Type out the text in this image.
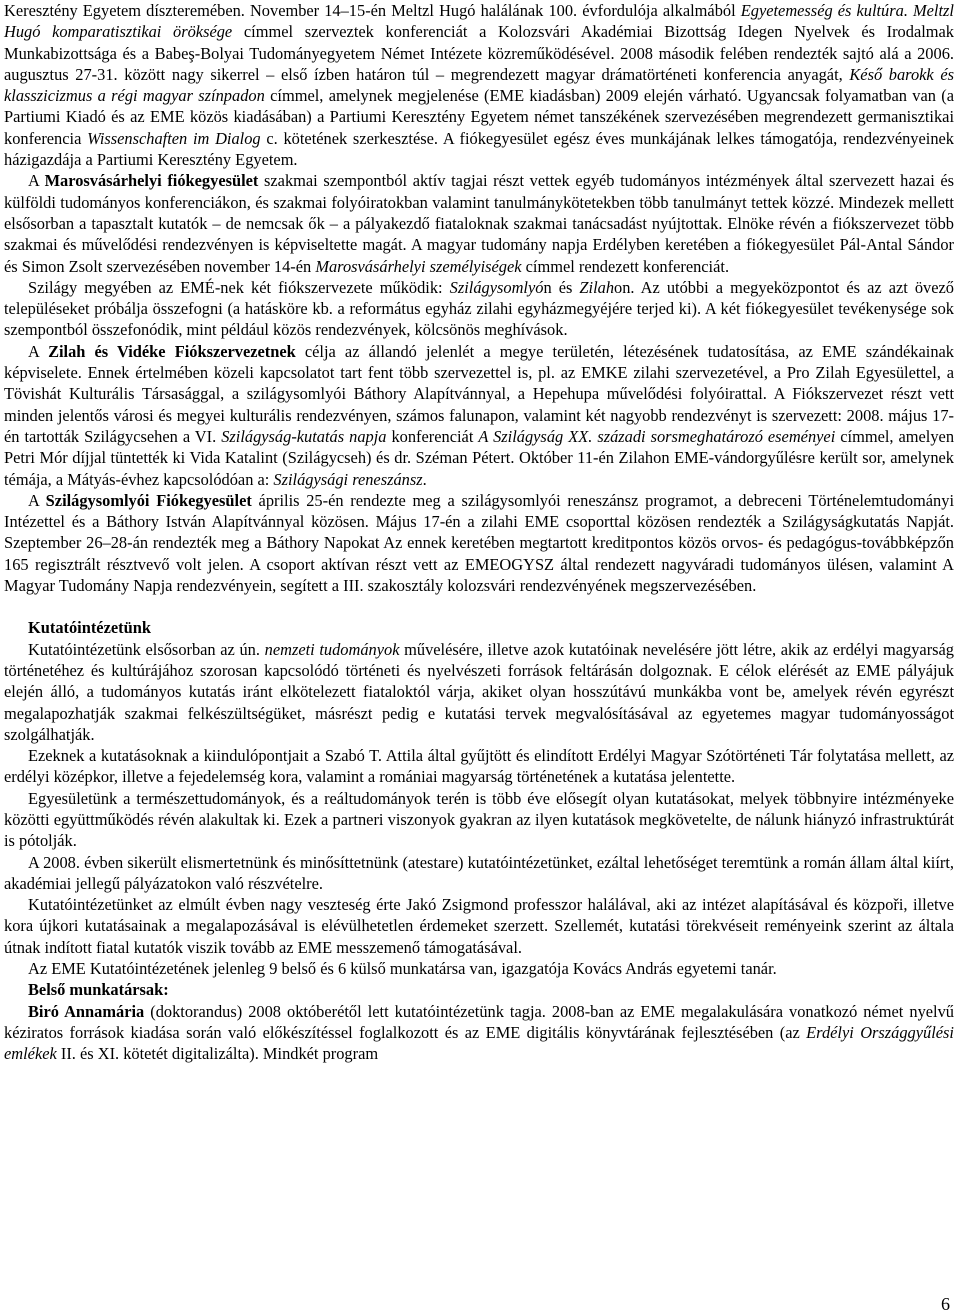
Keresztény Egyetem díszteremében. November 14–15-én Meltzl Hugó halálának 100. évfordulója alkalmából Egyetemesség és kultúra. Meltzl Hugó komparatisztikai öröksége címmel szerveztek konferenciát a Kolozsvári Akadémiai Bizottság Idegen Nyelvek és Irodalmak Munkabizottsága és a Babeş-Bolyai Tudományegyetem Német Intézete közreműködésével. 2008 második felében rendezték sajtó alá a 2006. augusztus 27-31. között nagy sikerrel – első ízben határon túl – megrendezett magyar drámatörténeti konferencia anyagát, Késő barokk és klasszicizmus a régi magyar színpadon címmel, amelynek megjelenése (EME kiadásban) 2009 elején várható. Ugyancsak folyamatban van (a Partiumi Kiadó és az EME közös kiadásában) a Partiumi Keresztény Egyetem német tanszékének szervezésében megrendezett germanisztikai konferencia Wissenschaften im Dialog c. kötetének szerkesztése. A fiókegyesület egész éves munkájának lelkes támogatója, rendezvényeinek házigazdája a Partiumi Keresztény Egyetem.

A Marosvásárhelyi fiókegyesület szakmai szempontból aktív tagjai részt vettek egyéb tudományos intézmények által szervezett hazai és külföldi tudományos konferenciákon, és szakmai folyóiratokban valamint tanulmánykötetekben több tanulmányt tettek közzé. Mindezek mellett elsősorban a tapasztalt kutatók – de nemcsak ők – a pályakezdő fiataloknak szakmai tanácsadást nyújtottak. Elnöke révén a fiókszervezet több szakmai és művelődési rendezvényen is képviseltette magát. A magyar tudomány napja Erdélyben keretében a fiókegyesület Pál-Antal Sándor és Simon Zsolt szervezésében november 14-én Marosvásárhelyi személyiségek címmel rendezett konferenciát.

Szilágy megyében az EMÉ-nek két fiókszervezete működik: Szilágysomlyón és Zilahon. Az utóbbi a megyeközpontot és az azt övező településeket próbálja összefogni (a hatásköre kb. a református egyház zilahi egyházmegyéjére terjed ki). A két fiókegyesület tevékenysége sok szempontból összefonódik, mint például közös rendezvények, kölcsönös meghívások.

A Zilah és Vidéke Fiókszervezetnek célja az állandó jelenlét a megye területén, létezésének tudatosítása, az EME szándékainak képviselete. Ennek értelmében közeli kapcsolatot tart fent több szervezettel is, pl. az EMKE zilahi szervezetével, a Pro Zilah Egyesülettel, a Tövishát Kulturális Társasággal, a szilágysomlyói Báthory Alapítvánnyal, a Hepehupa művelődési folyóirattal. A Fiókszervezet részt vett minden jelentős városi és megyei kulturális rendezvényen, számos falunapon, valamint két nagyobb rendezvényt is szervezett: 2008. május 17-én tartották Szilágycsehen a VI. Szilágyság-kutatás napja konferenciát A Szilágyság XX. századi sorsmeghatározó eseményei címmel, amelyen Petri Mór díjjal tüntették ki Vida Katalint (Szilágycseh) és dr. Széman Pétert. Október 11-én Zilahon EME-vándorgyűlésre került sor, amelynek témája, a Mátyás-évhez kapcsolódóan a: Szilágysági reneszánsz.

A Szilágysomlyói Fiókegyesület április 25-én rendezte meg a szilágysomlyói reneszánsz programot, a debreceni Történelemtudományi Intézettel és a Báthory István Alapítvánnyal közösen. Május 17-én a zilahi EME csoporttal közösen rendezték a Szilágyságkutatás Napját. Szeptember 26–28-án rendezték meg a Báthory Napokat Az ennek keretében megtartott kreditpontos közös orvos- és pedagógus-továbbképzőn 165 regisztrált résztvevő volt jelen. A csoport aktívan részt vett az EMEOGYSZ által rendezett nagyváradi tudományos ülésen, valamint A Magyar Tudomány Napja rendezvényein, segített a III. szakosztály kolozsvári rendezvényének megszervezésében.

Kutatóintézetünk

Kutatóintézetünk elsősorban az ún. nemzeti tudományok művelésére, illetve azok kutatóinak nevelésére jött létre, akik az erdélyi magyarság történetéhez és kultúrájához szorosan kapcsolódó történeti és nyelvészeti források feltárásán dolgoznak. E célok elérését az EME pályájuk elején álló, a tudományos kutatás iránt elkötelezett fiataloktól várja, akiket olyan hosszútávú munkákba vont be, amelyek révén egyrészt megalapozhatják szakmai felkészültségüket, másrészt pedig e kutatási tervek megvalósításával az egyetemes magyar tudományosságot szolgálhatják.

Ezeknek a kutatásoknak a kiindulópontjait a Szabó T. Attila által gyűjtött és elindított Erdélyi Magyar Szótörténeti Tár folytatása mellett, az erdélyi középkor, illetve a fejedelemség kora, valamint a romániai magyarság történetének a kutatása jelentette.

Egyesületünk a természettudományok, és a reáltudományok terén is több éve elősegít olyan kutatásokat, melyek többnyire intézményeke közötti együttműködés révén alakultak ki. Ezek a partneri viszonyok gyakran az ilyen kutatások megkövetelte, de nálunk hiányzó infrastruktúrát is pótolják.

A 2008. évben sikerült elismertetnünk és minősíttetnünk (atestare) kutatóintézetünket, ezáltal lehetőséget teremtünk a román állam által kiírt, akadémiai jellegű pályázatokon való részvételre.

Kutatóintézetünket az elmúlt évben nagy veszteség érte Jakó Zsigmond professzor halálával, aki az intézet alapításával és közpoři, illetve kora újkori kutatásainak a megalapozásával is elévülhetetlen érdemeket szerzett. Szellemét, kutatási törekvéseit reményeink szerint az általa útnak indított fiatal kutatók viszik tovább az EME messzemenő támogatásával.

Az EME Kutatóintézetének jelenleg 9 belső és 6 külső munkatársa van, igazgatója Kovács András egyetemi tanár.

Belső munkatársak:

Biró Annamária (doktorandus) 2008 októberétől lett kutatóintézetünk tagja. 2008-ban az EME megalakulására vonatkozó német nyelvű kéziratos források kiadása során való előkészítéssel foglalkozott és az EME digitális könyvtárának fejlesztésében (az Erdélyi Országgyűlési emlékek II. és XI. kötetét digitalizálta). Mindkét program

6
